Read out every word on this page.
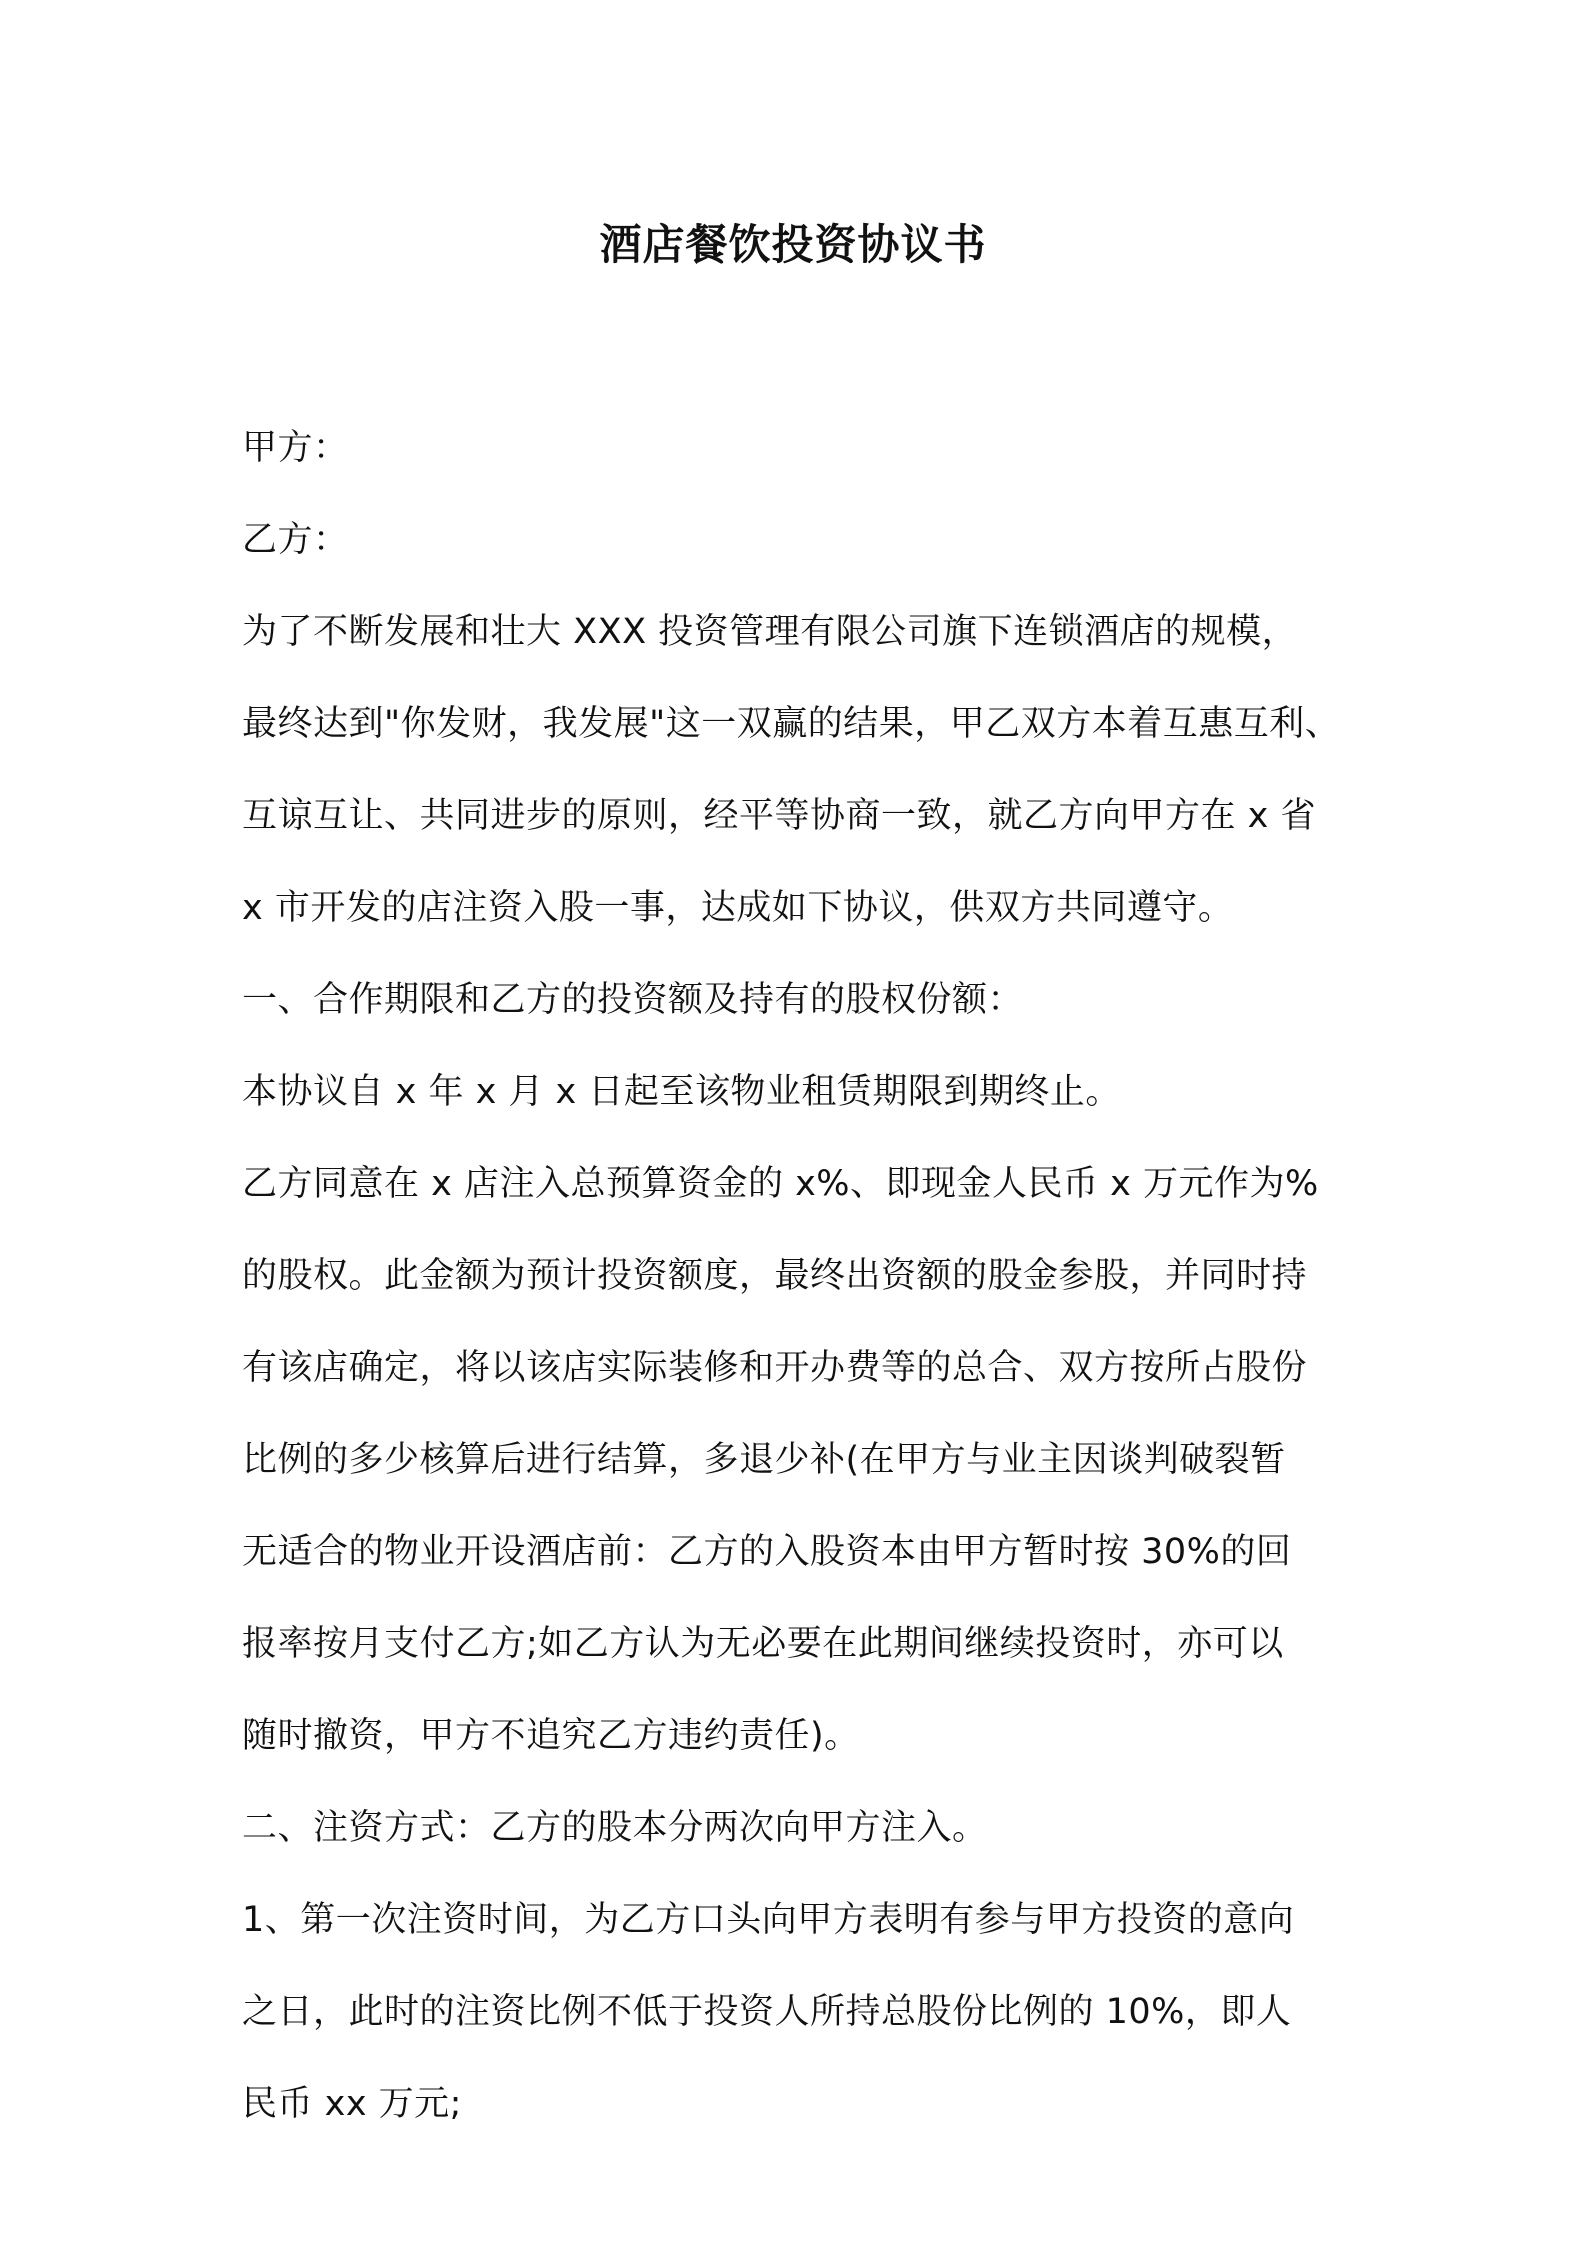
酒店餐饮投资协议书
甲方：
乙方：
为了不断发展和壮大 XXX 投资管理有限公司旗下连锁酒店的规模，
最终达到"你发财，我发展"这一双赢的结果，甲乙双方本着互惠互利、
互谅互让、共同进步的原则，经平等协商一致，就乙方向甲方在 x 省
x 市开发的店注资入股一事，达成如下协议，供双方共同遵守。
一、合作期限和乙方的投资额及持有的股权份额：
本协议自 x 年 x 月 x 日起至该物业租赁期限到期终止。
乙方同意在 x 店注入总预算资金的 x%、即现金人民币 x 万元作为%
的股权。此金额为预计投资额度，最终出资额的股金参股，并同时持
有该店确定，将以该店实际装修和开办费等的总合、双方按所占股份
比例的多少核算后进行结算，多退少补(在甲方与业主因谈判破裂暂
无适合的物业开设酒店前：乙方的入股资本由甲方暂时按 30%的回
报率按月支付乙方;如乙方认为无必要在此期间继续投资时，亦可以
随时撤资，甲方不追究乙方违约责任)。
二、注资方式：乙方的股本分两次向甲方注入。
1、第一次注资时间，为乙方口头向甲方表明有参与甲方投资的意向
之日，此时的注资比例不低于投资人所持总股份比例的 10%，即人
民币 xx 万元;
